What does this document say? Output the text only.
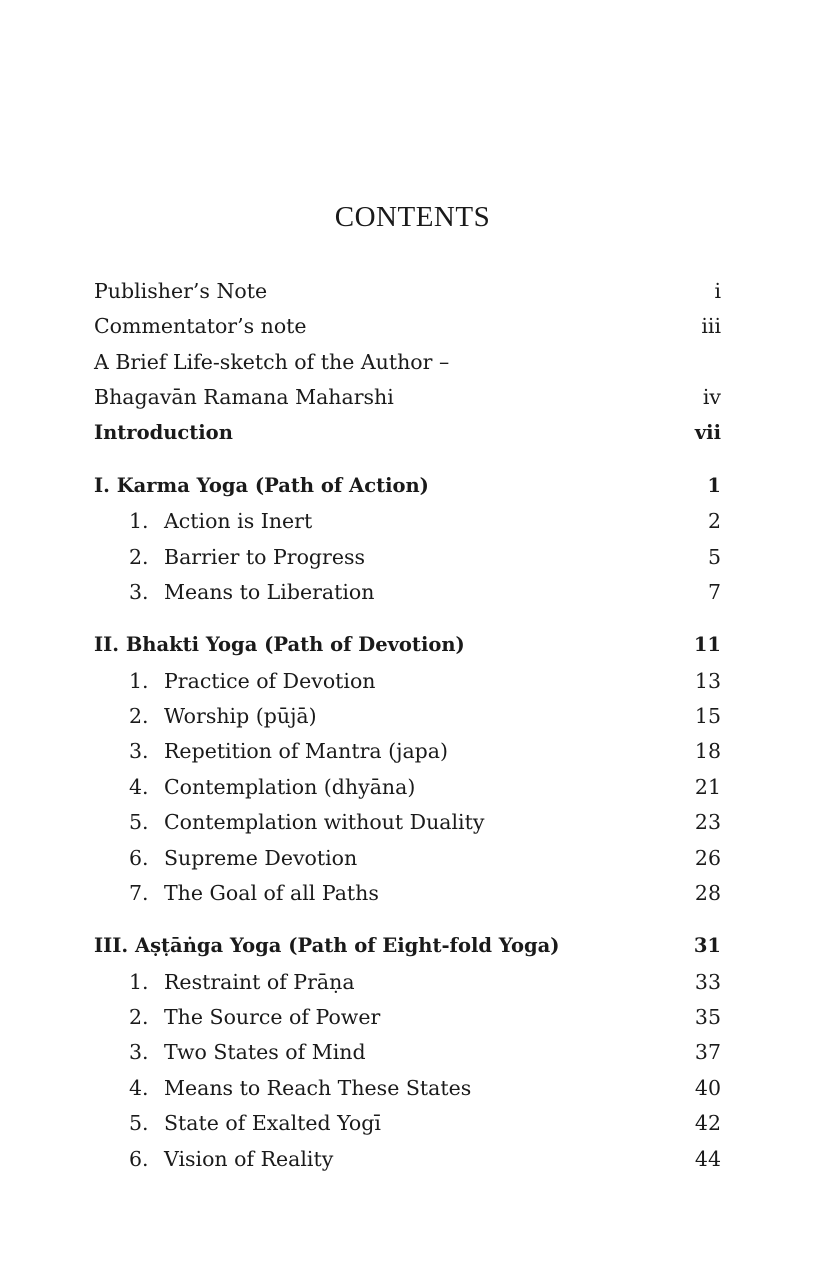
CONTENTS
Publisher’s Note	i
Commentator’s note	iii
A Brief Life-sketch of the Author –
Bhagavān Ramana Maharshi	iv
Introduction	vii
I. Karma Yoga (Path of Action)	1
1. Action is Inert	2
2. Barrier to Progress	5
3. Means to Liberation	7
II. Bhakti Yoga (Path of Devotion)	11
1. Practice of Devotion	13
2. Worship (pūjā)	15
3. Repetition of Mantra (japa)	18
4. Contemplation (dhyāna)	21
5. Contemplation without Duality	23
6. Supreme Devotion	26
7. The Goal of all Paths	28
III. Aṣṭāṅga Yoga (Path of Eight-fold Yoga)	31
1. Restraint of Prāṇa	33
2. The Source of Power	35
3. Two States of Mind	37
4. Means to Reach These States	40
5. State of Exalted Yogī	42
6. Vision of Reality	44
